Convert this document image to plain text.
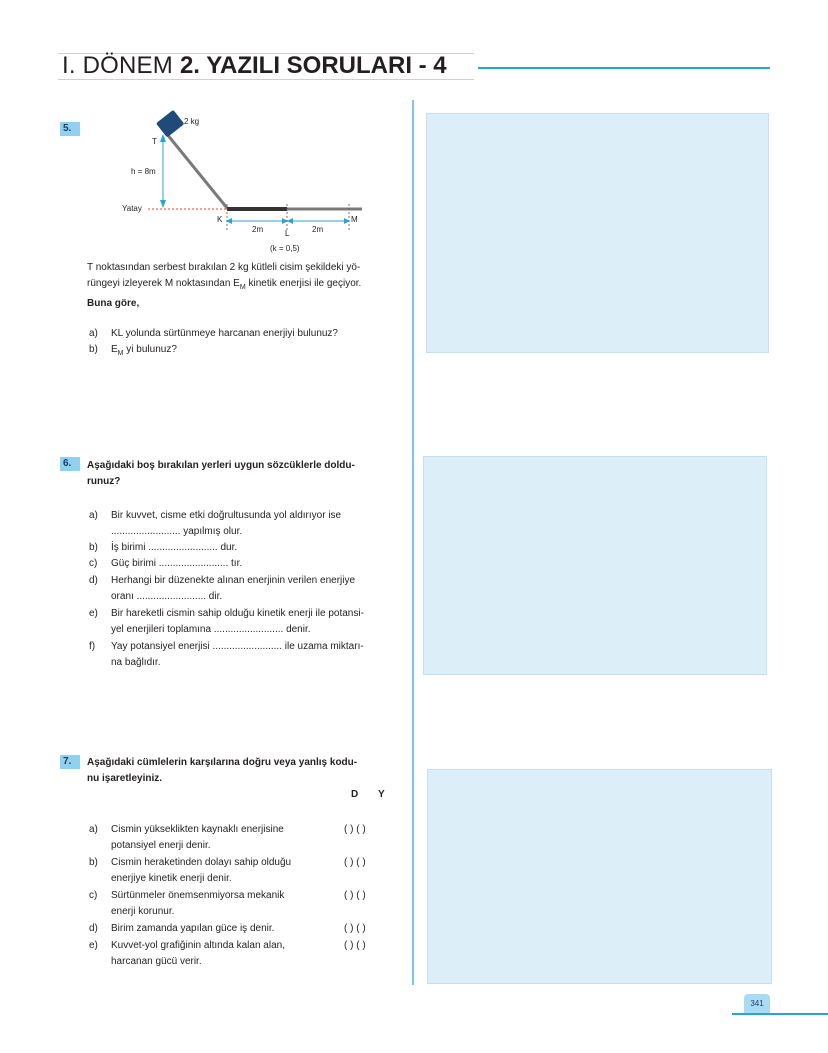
I. DÖNEM 2. YAZILI SORULARI - 4
5.
2 kg
T
h = 8m
Yatay
K
L
M
2m	2m
(k = 0,5)
T noktasından serbest bırakılan 2 kg kütleli cisim şekildeki yö-
rüngeyi izleyerek M noktasından $E_M$ kinetik enerjisi ile geçiyor.
Buna göre,
a) KL yolunda sürtünmeye harcanan enerjiyi bulunuz?
b) $E_M$ yi bulunuz?
6.	Aşağıdaki boş bırakılan yerleri uygun sözcüklerle doldu-
runuz?
a) Bir kuvvet, cisme etki doğrultusunda yol aldırıyor ise
......................... yapılmış olur.
b) İş birimi ......................... dur.
c) Güç birimi ......................... tır.
d) Herhangi bir düzenekte alınan enerjinin verilen enerjiye
oranı ......................... dir.
e) Bir hareketli cismin sahip olduğu kinetik enerji ile potansi-
yel enerjileri toplamına ......................... denir.
f) Yay potansiyel enerjisi ......................... ile uzama miktarı-
na bağlıdır.
7.	Aşağıdaki cümlelerin karşılarına doğru veya yanlış kodu-
nu işaretleyiniz.
D Y
a) Cismin yükseklikten kaynaklı enerjisine
potansiyel enerji denir.
( ) ( )
b) Cismin heraketinden dolayı sahip olduğu
enerjiye kinetik enerji denir.
( ) ( )
c) Sürtünmeler önemsenmiyorsa mekanik
enerji korunur.
( ) ( )
d) Birim zamanda yapılan güce iş denir.	( ) ( )
e) Kuvvet-yol grafiğinin altında kalan alan,
harcanan gücü verir.
( ) ( )
341
